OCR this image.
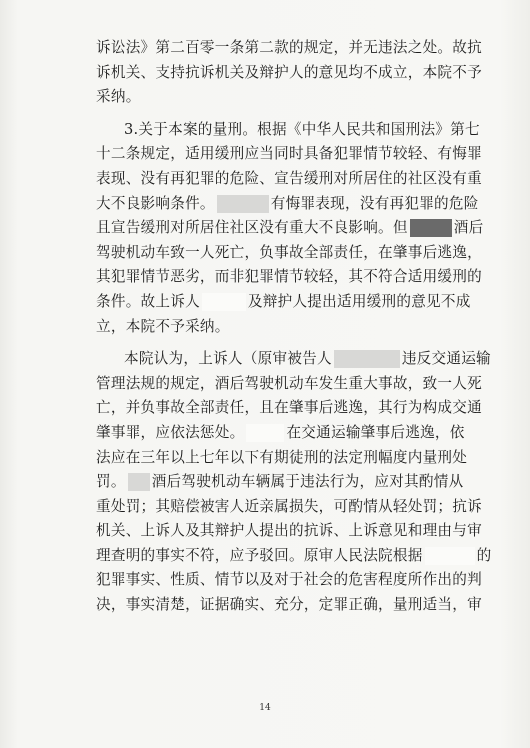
诉讼法》第二百零一条第二款的规定，并无违法之处。故抗
诉机关、支持抗诉机关及辩护人的意见均不成立，本院不予
采纳。
3.关于本案的量刑。根据《中华人民共和国刑法》第七
十二条规定，适用缓刑应当同时具备犯罪情节较轻、有悔罪
表现、没有再犯罪的危险、宣告缓刑对所居住的社区没有重
大不良影响条件。	有悔罪表现，没有再犯罪的危险
且宣告缓刑对所居住社区没有重大不良影响。但	酒后
驾驶机动车致一人死亡，负事故全部责任，在肇事后逃逸，
其犯罪情节恶劣，而非犯罪情节较轻，其不符合适用缓刑的
条件。故上诉人	及辩护人提出适用缓刑的意见不成
立，本院不予采纳。
本院认为，上诉人（原审被告人	违反交通运输
管理法规的规定，酒后驾驶机动车发生重大事故，致一人死
亡，并负事故全部责任，且在肇事后逃逸，其行为构成交通
肇事罪，应依法惩处。	在交通运输肇事后逃逸，依
法应在三年以上七年以下有期徒刑的法定刑幅度内量刑处
罚。 酒后驾驶机动车辆属于违法行为，应对其酌情从
重处罚；其赔偿被害人近亲属损失，可酌情从轻处罚；抗诉
机关、上诉人及其辩护人提出的抗诉、上诉意见和理由与审
理查明的事实不符，应予驳回。原审人民法院根据	的
犯罪事实、性质、情节以及对于社会的危害程度所作出的判
决，事实清楚，证据确实、充分，定罪正确，量刑适当，审
14
